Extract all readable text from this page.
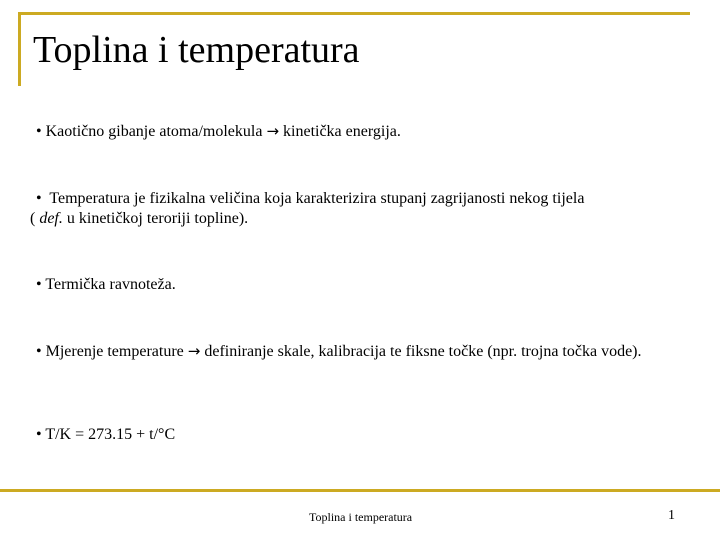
Toplina i temperatura
• Kaotično gibanje atoma/molekula → kinetička energija.
• Temperatura je fizikalna veličina koja karakterizira stupanj zagrijanosti nekog tijela
( def. u kinetičkoj teroriji topline).
• Termička ravnoteža.
• Mjerenje temperature → definiranje skale, kalibracija te fiksne točke (npr. trojna točka vode).
• T/K = 273.15 + t/°C
Toplina i temperatura	1
